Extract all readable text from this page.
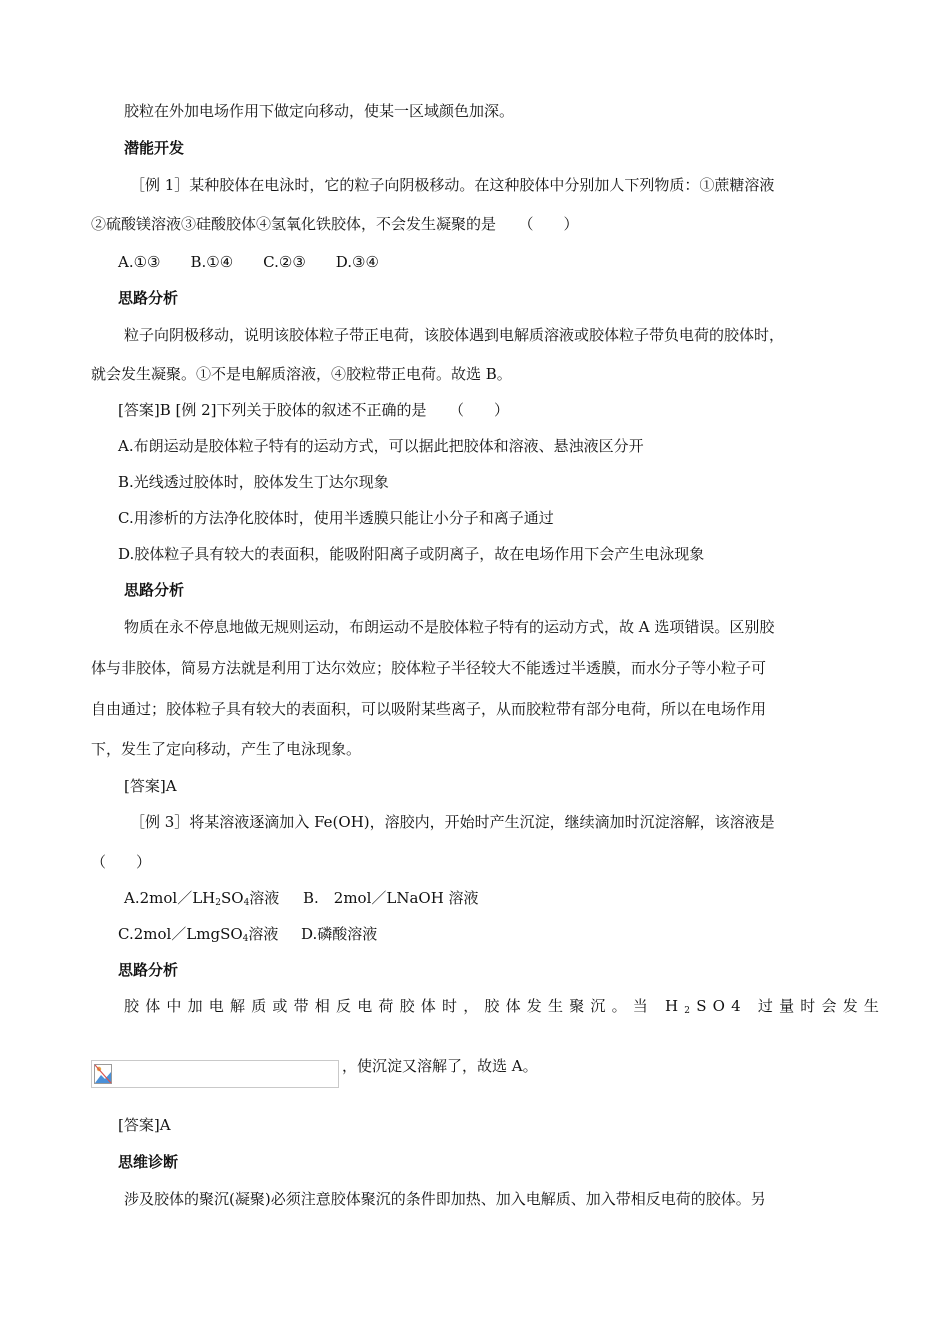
胶粒在外加电场作用下做定向移动，使某一区域颜色加深。
潜能开发
［例 1］某种胶体在电泳时，它的粒子向阴极移动。在这种胶体中分别加人下列物质：①蔗糖溶液
②硫酸镁溶液③硅酸胶体④氢氧化铁胶体，不会发生凝聚的是　　（　　）
A.①③　　B.①④　　C.②③　　D.③④
思路分析
粒子向阴极移动，说明该胶体粒子带正电荷，该胶体遇到电解质溶液或胶体粒子带负电荷的胶体时，
就会发生凝聚。①不是电解质溶液，④胶粒带正电荷。故选 B。
[答案]B [例 2]下列关于胶体的叙述不正确的是　　（　　）
A.布朗运动是胶体粒子特有的运动方式，可以据此把胶体和溶液、悬浊液区分开
B.光线透过胶体时，胶体发生丁达尔现象
C.用渗析的方法净化胶体时，使用半透膜只能让小分子和离子通过
D.胶体粒子具有较大的表面积，能吸附阳离子或阴离子，故在电场作用下会产生电泳现象
思路分析
物质在永不停息地做无规则运动，布朗运动不是胶体粒子特有的运动方式，故 A 选项错误。区别胶
体与非胶体，简易方法就是利用丁达尔效应；胶体粒子半径较大不能透过半透膜，而水分子等小粒子可
自由通过；胶体粒子具有较大的表面积，可以吸附某些离子，从而胶粒带有部分电荷，所以在电场作用
下，发生了定向移动，产生了电泳现象。
[答案]A
［例 3］将某溶液逐滴加入 Fe(OH)，溶胶内，开始时产生沉淀，继续滴加时沉淀溶解，该溶液是
（　　）
$A.2mol/LH_2SO_4$溶液 B.　2mol／LNaOH 溶液
C.2mol／LmgSO$_4$溶液 D.磷酸溶液
思路分析
胶体中加电解质或带相反电荷胶体时，胶体发生聚沉。当 $H_2SO4$ 过量时会发生
，使沉淀又溶解了，故选 A。
[答案]A
思维诊断
涉及胶体的聚沉(凝聚)必须注意胶体聚沉的条件即加热、加入电解质、加入带相反电荷的胶体。另
